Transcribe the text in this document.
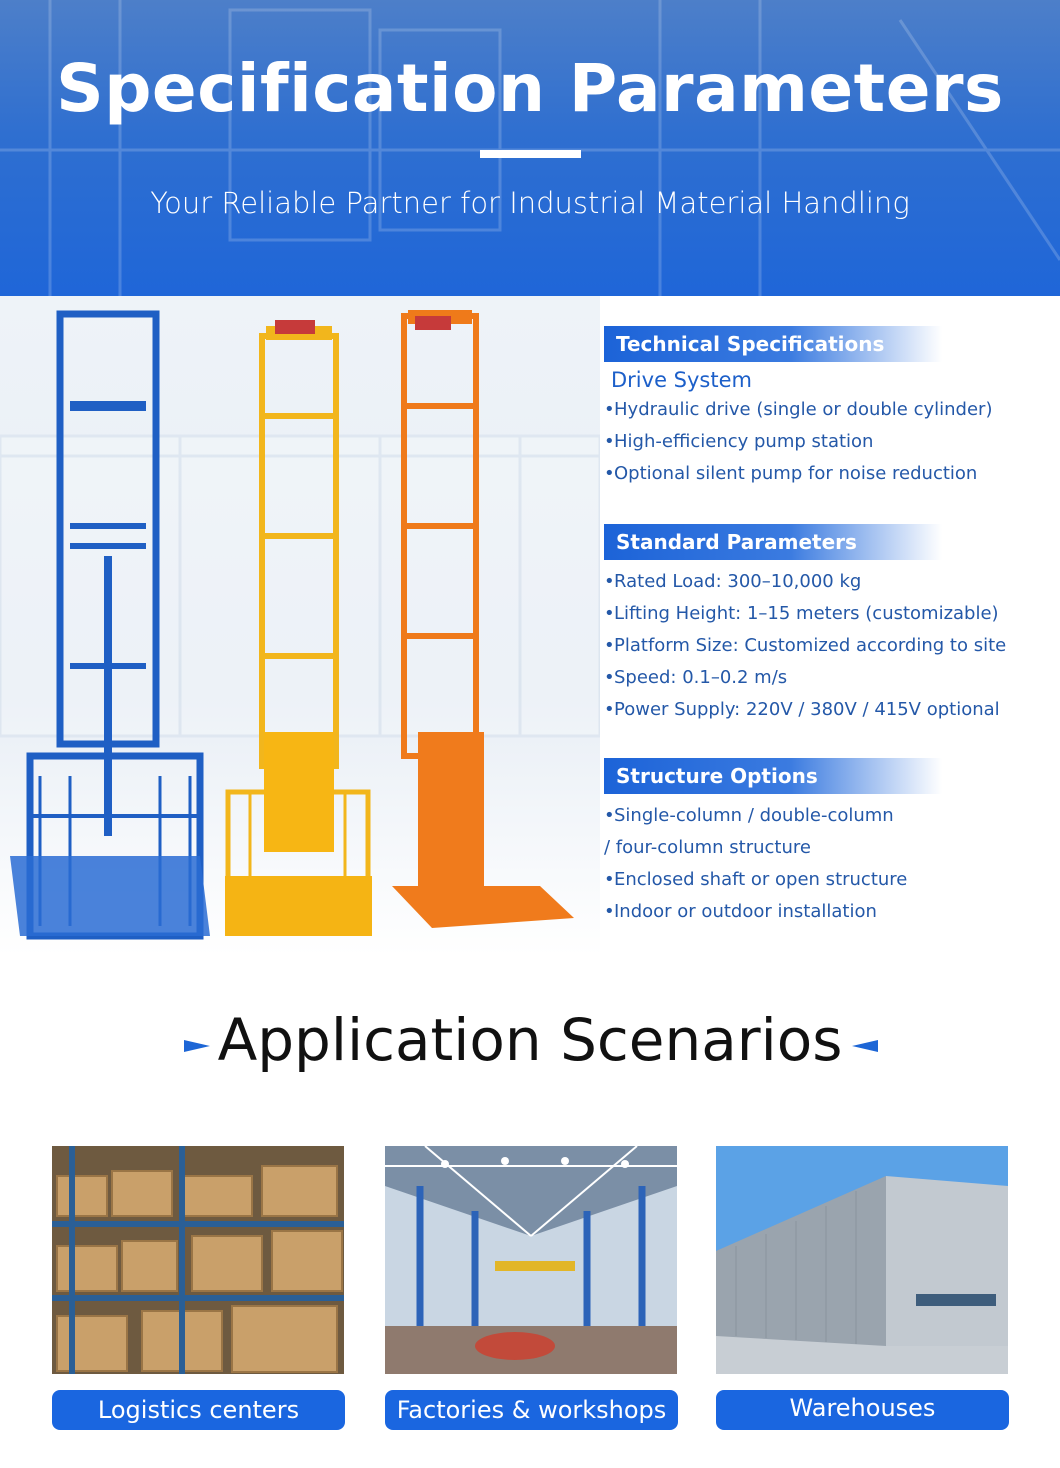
Specification Parameters
Your Reliable Partner for Industrial Material Handling
Technical Specifications
Drive System
•Hydraulic drive (single or double cylinder)
•High-efficiency pump station
•Optional silent pump for noise reduction
Standard Parameters
•Rated Load: 300–10,000 kg
•Lifting Height: 1–15 meters (customizable)
•Platform Size: Customized according to site
•Speed: 0.1–0.2 m/s
•Power Supply: 220V / 380V / 415V optional
Structure Options
•Single-column / double-column
/ four-column structure
•Enclosed shaft or open structure
•Indoor or outdoor installation
Application Scenarios
Logistics centers	Factories & workshops	Warehouses
